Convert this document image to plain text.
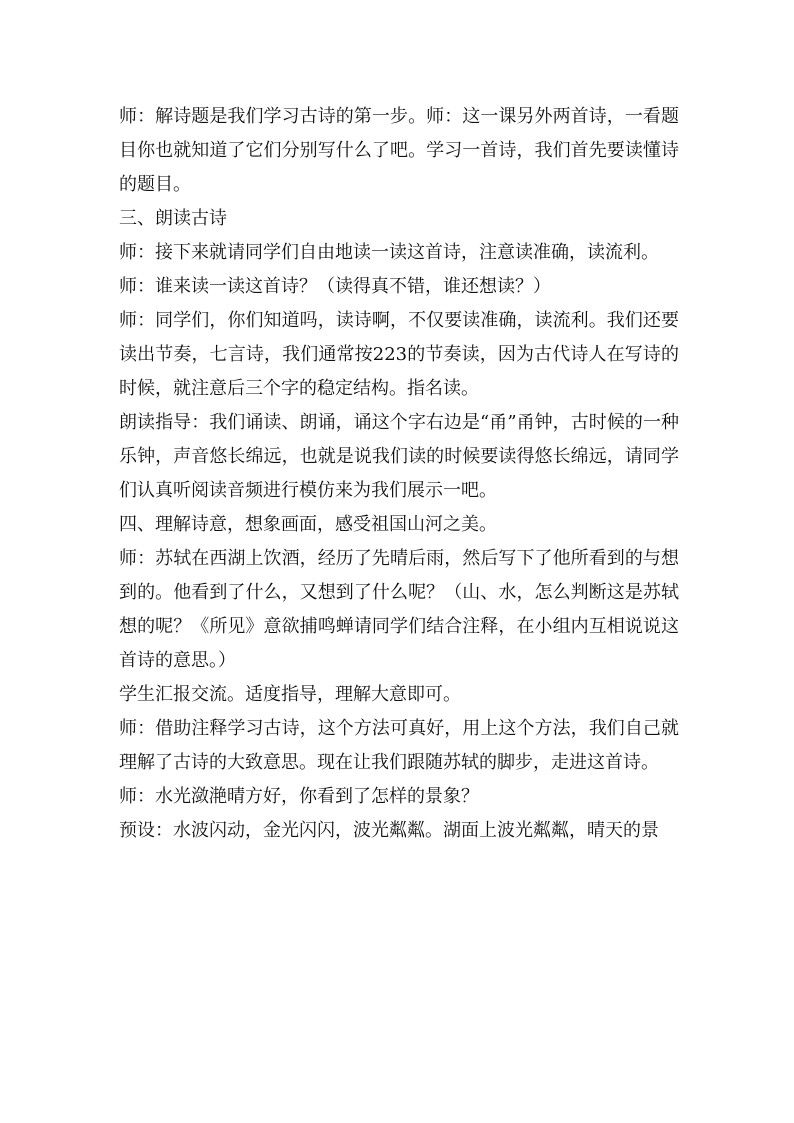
师：解诗题是我们学习古诗的第一步。师：这一课另外两首诗，一看题目你也就知道了它们分别写什么了吧。学习一首诗，我们首先要读懂诗的题目。

三、朗读古诗

师：接下来就请同学们自由地读一读这首诗，注意读准确，读流利。

师：谁来读一读这首诗？（读得真不错，谁还想读？）

师：同学们，你们知道吗，读诗啊，不仅要读准确，读流利。我们还要读出节奏，七言诗，我们通常按223的节奏读，因为古代诗人在写诗的时候，就注意后三个字的稳定结构。指名读。

朗读指导：我们诵读、朗诵，诵这个字右边是“甬”甬钟，古时候的一种乐钟，声音悠长绵远，也就是说我们读的时候要读得悠长绵远，请同学们认真听阅读音频进行模仿来为我们展示一吧。

四、理解诗意，想象画面，感受祖国山河之美。

师：苏轼在西湖上饮酒，经历了先晴后雨，然后写下了他所看到的与想到的。他看到了什么，又想到了什么呢？（山、水，怎么判断这是苏轼想的呢？《所见》意欲捕鸣蝉请同学们结合注释，在小组内互相说说这首诗的意思。）

学生汇报交流。适度指导，理解大意即可。

师：借助注释学习古诗，这个方法可真好，用上这个方法，我们自己就理解了古诗的大致意思。现在让我们跟随苏轼的脚步，走进这首诗。

师：水光潋滟晴方好，你看到了怎样的景象？

预设：水波闪动，金光闪闪，波光粼粼。湖面上波光粼粼，晴天的景
